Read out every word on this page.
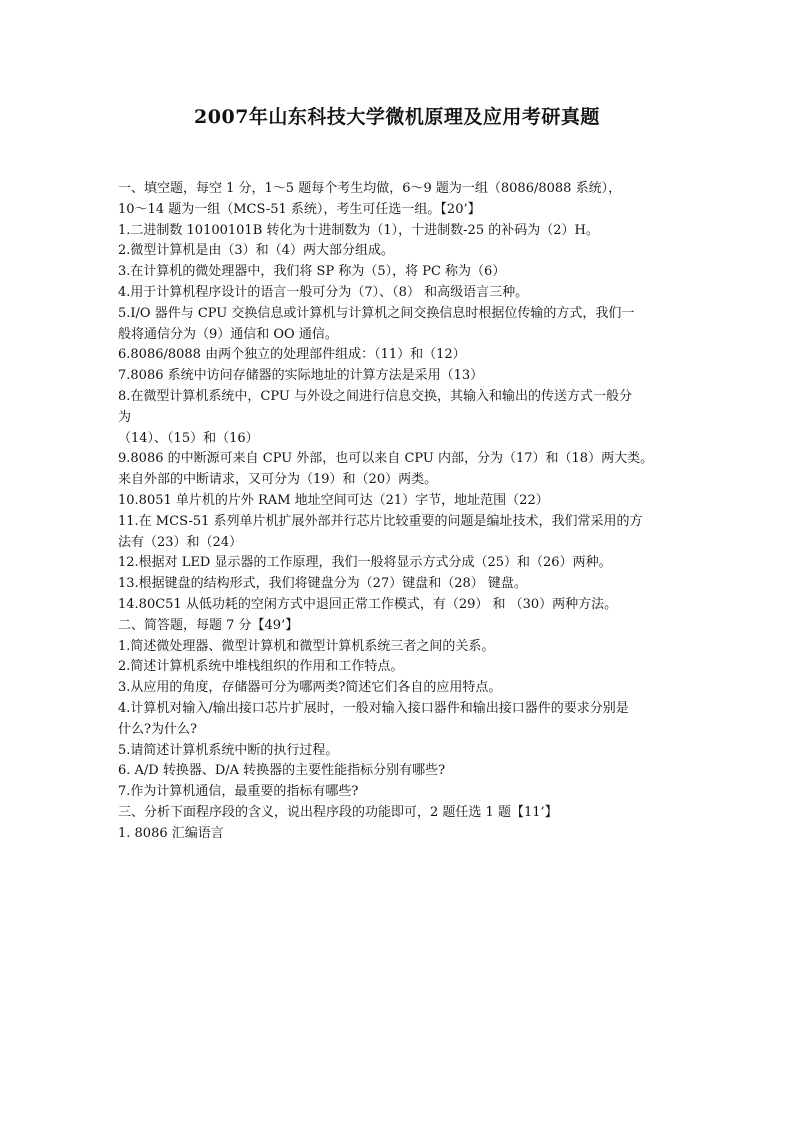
2007年山东科技大学微机原理及应用考研真题
一、填空题，每空 1 分，1～5 题每个考生均做，6～9 题为一组（8086/8088 系统），
10～14 题为一组（MCS-51 系统），考生可任选一组。【20’】
1.二进制数 10100101B 转化为十进制数为（1），十进制数-25 的补码为（2）H。
2.微型计算机是由（3）和（4）两大部分组成。
3.在计算机的微处理器中，我们将 SP 称为（5），将 PC 称为（6）
4.用于计算机程序设计的语言一般可分为（7）、（8） 和高级语言三种。
5.I/O 器件与 CPU 交换信息或计算机与计算机之间交换信息时根据位传输的方式，我们一
般将通信分为（9）通信和 OO 通信。
6.8086/8088 由两个独立的处理部件组成：（11）和（12）
7.8086 系统中访问存储器的实际地址的计算方法是采用（13）
8.在微型计算机系统中，CPU 与外设之间进行信息交换，其输入和输出的传送方式一般分
为
（14）、（15）和（16）
9.8086 的中断源可来自 CPU 外部，也可以来自 CPU 内部，分为（17）和（18）两大类。
来自外部的中断请求，又可分为（19）和（20）两类。
10.8051 单片机的片外 RAM 地址空间可达（21）字节，地址范围（22）
11.在 MCS-51 系列单片机扩展外部并行芯片比较重要的问题是编址技术，我们常采用的方
法有（23）和（24）
12.根据对 LED 显示器的工作原理，我们一般将显示方式分成（25）和（26）两种。
13.根据键盘的结构形式，我们将键盘分为（27）键盘和（28） 键盘。
14.80C51 从低功耗的空闲方式中退回正常工作模式，有（29） 和 （30）两种方法。
二、简答题，每题 7 分【49’】
1.简述微处理器、微型计算机和微型计算机系统三者之间的关系。
2.简述计算机系统中堆栈组织的作用和工作特点。
3.从应用的角度，存储器可分为哪两类?简述它们各自的应用特点。
4.计算机对输入/输出接口芯片扩展时，一般对输入接口器件和输出接口器件的要求分别是
什么?为什么?
5.请简述计算机系统中断的执行过程。
6. A/D 转换器、D/A 转换器的主要性能指标分别有哪些?
7.作为计算机通信，最重要的指标有哪些?
三、分析下面程序段的含义，说出程序段的功能即可，2 题任选 1 题【11’】
1. 8086 汇编语言
